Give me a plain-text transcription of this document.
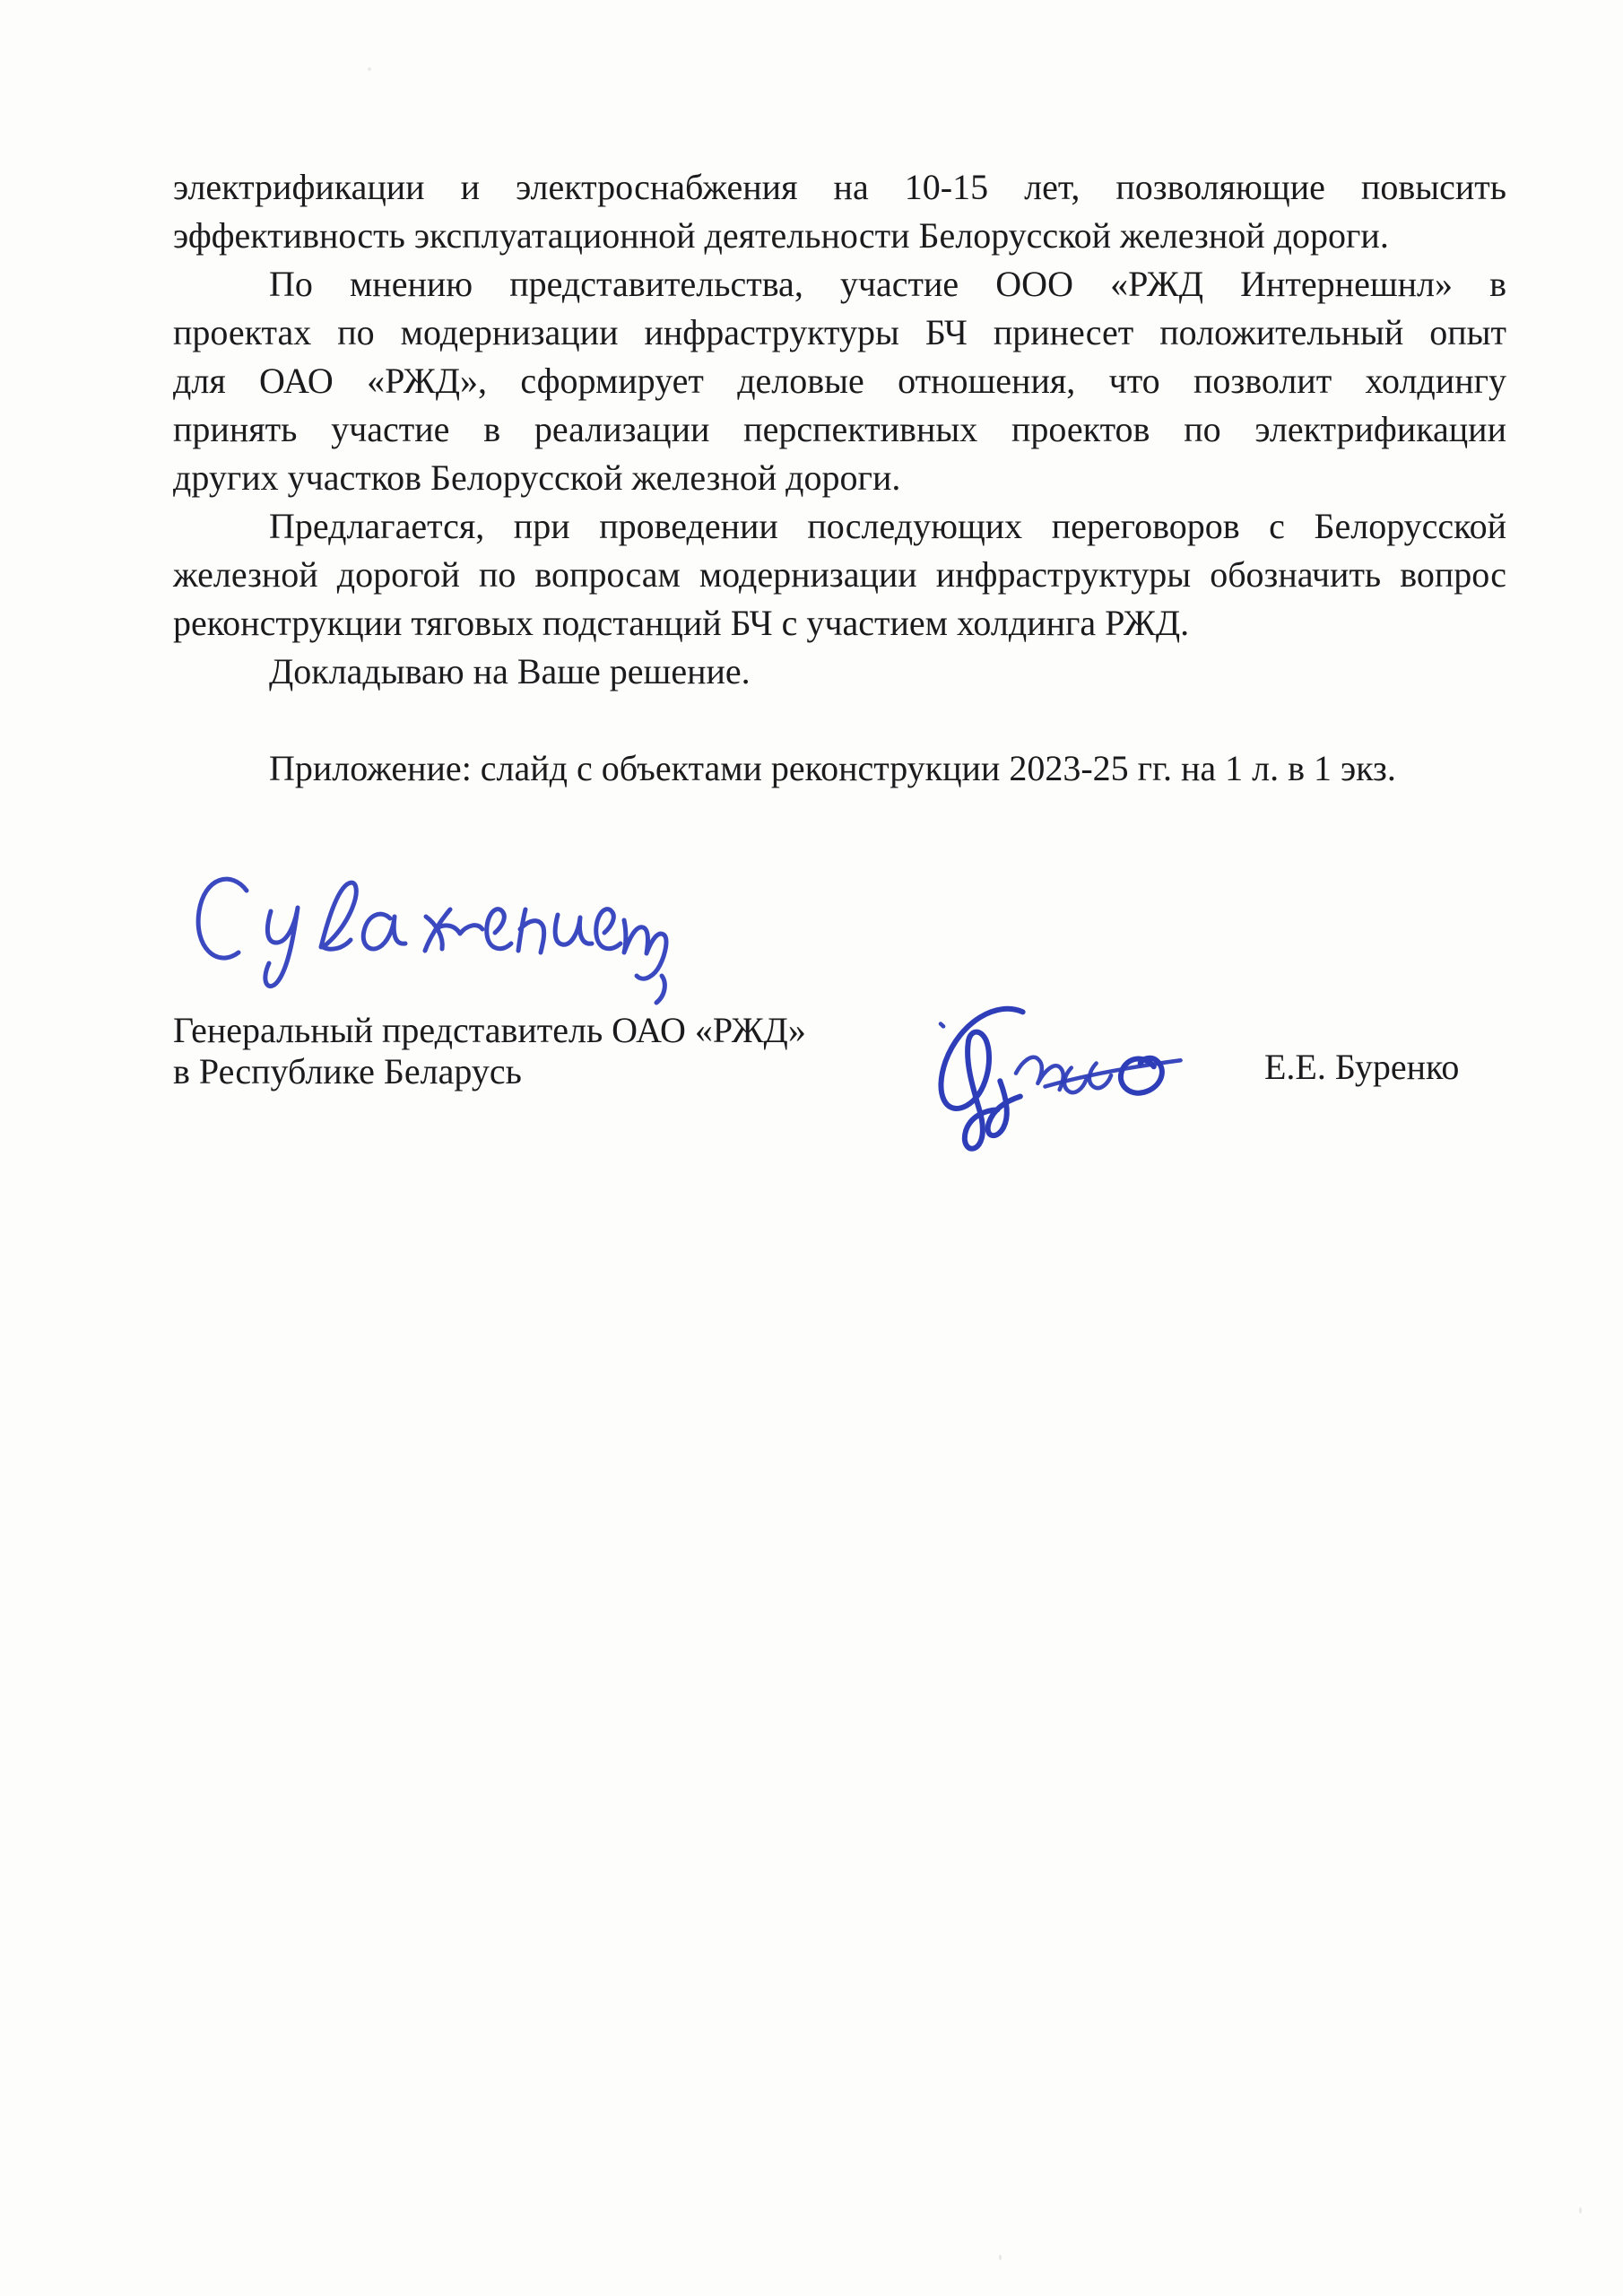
электрификации и электроснабжения на 10-15 лет, позволяющие повысить
эффективность эксплуатационной деятельности Белорусской железной дороги.
По мнению представительства, участие ООО «РЖД Интернешнл» в
проектах по модернизации инфраструктуры БЧ принесет положительный опыт
для ОАО «РЖД», сформирует деловые отношения, что позволит холдингу
принять участие в реализации перспективных проектов по электрификации
других участков Белорусской железной дороги.
Предлагается, при проведении последующих переговоров с Белорусской
железной дорогой по вопросам модернизации инфраструктуры обозначить вопрос
реконструкции тяговых подстанций БЧ с участием холдинга РЖД.
Докладываю на Ваше решение.
Приложение: слайд с объектами реконструкции 2023-25 гг. на 1 л. в 1 экз.
Генеральный представитель ОАО «РЖД»
в Республике Беларусь	Е.Е. Буренко
